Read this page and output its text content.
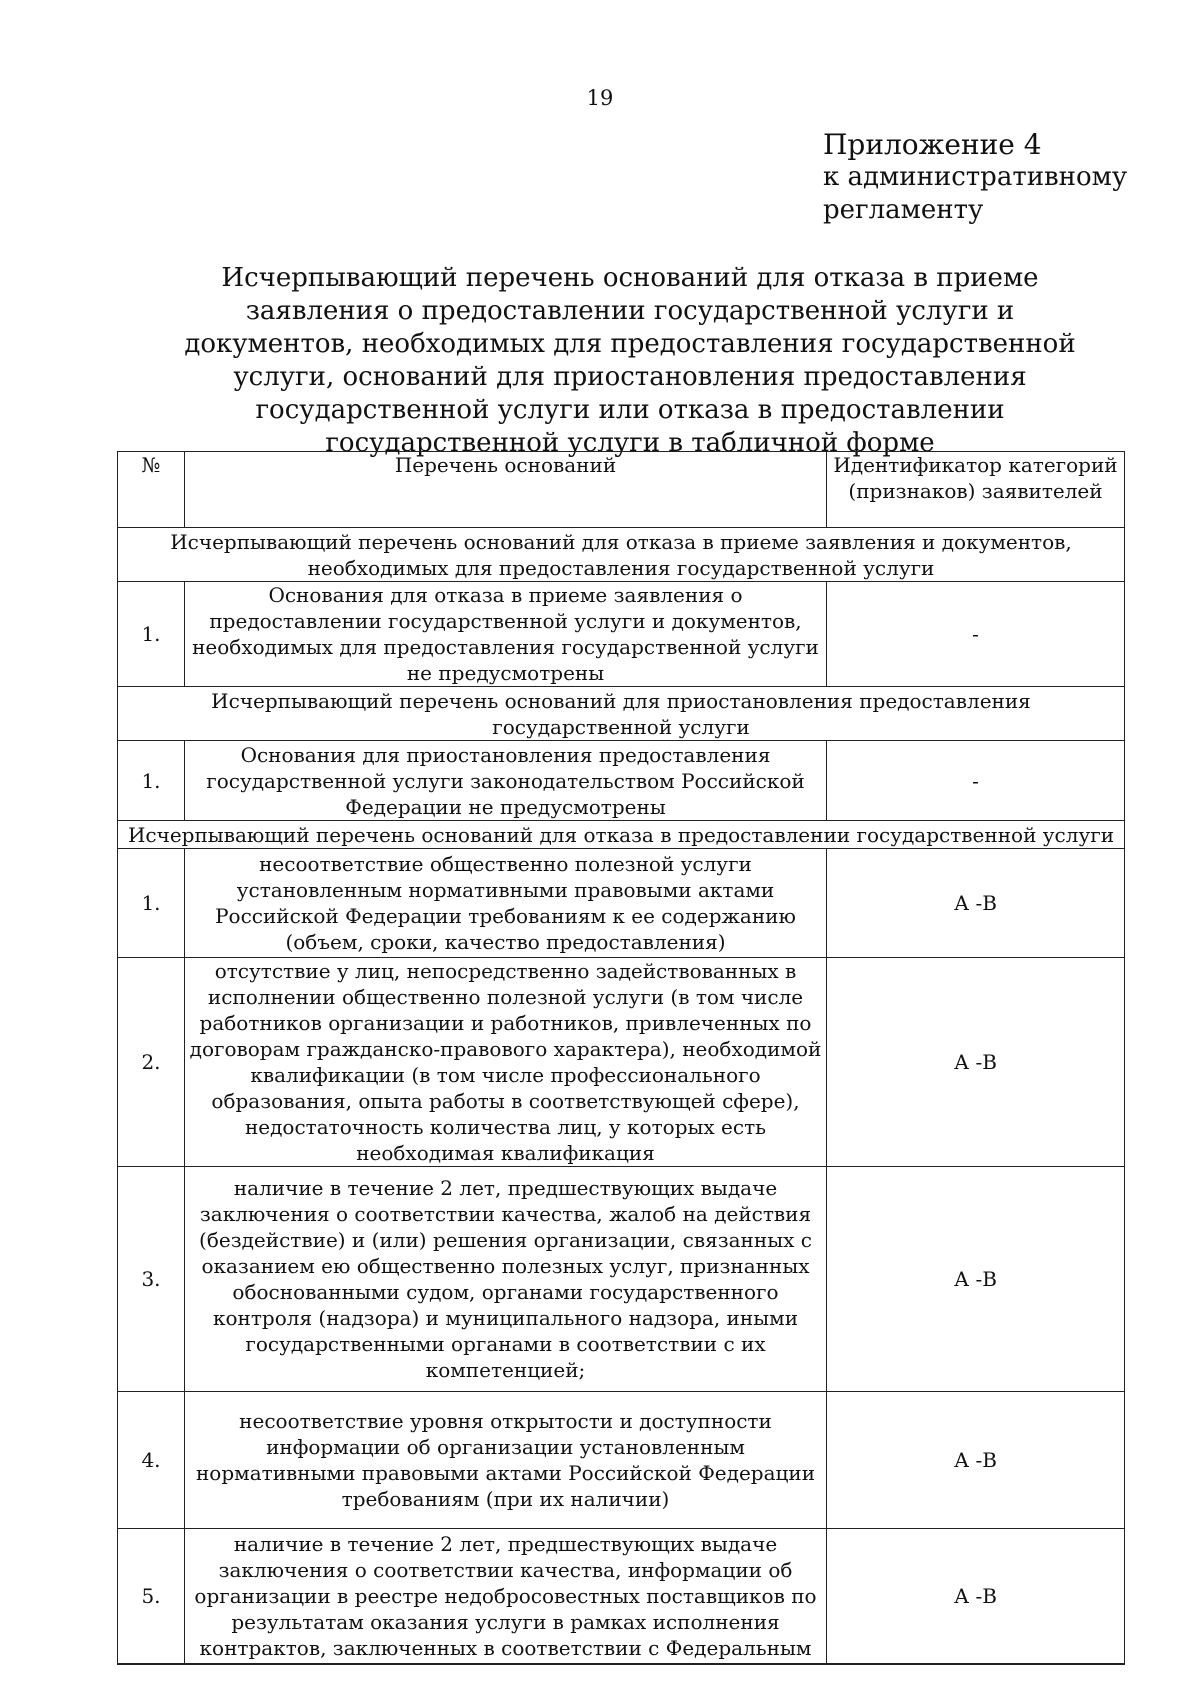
19
Приложение 4
к административному
регламенту
Исчерпывающий перечень оснований для отказа в приеме заявления о предоставлении государственной услуги и документов, необходимых для предоставления государственной услуги, оснований для приостановления предоставления государственной услуги или отказа в предоставлении государственной услуги в табличной форме
№	Перечень оснований	Идентификатор категорий (признаков) заявителей
Исчерпывающий перечень оснований для отказа в приеме заявления и документов, необходимых для предоставления государственной услуги		
1.	Основания для отказа в приеме заявления о предоставлении государственной услуги и документов, необходимых для предоставления государственной услуги не предусмотрены	-
Исчерпывающий перечень оснований для приостановления предоставления государственной услуги		
1.	Основания для приостановления предоставления государственной услуги законодательством Российской Федерации не предусмотрены	-
Исчерпывающий перечень оснований для отказа в предоставлении государственной услуги		
1.	несоответствие общественно полезной услуги установленным нормативными правовыми актами Российской Федерации требованиям к ее содержанию (объем, сроки, качество предоставления)	А -В
2.	отсутствие у лиц, непосредственно задействованных в исполнении общественно полезной услуги (в том числе работников организации и работников, привлеченных по договорам гражданско-правового характера), необходимой квалификации (в том числе профессионального образования, опыта работы в соответствующей сфере), недостаточность количества лиц, у которых есть необходимая квалификация	А -В
3.	наличие в течение 2 лет, предшествующих выдаче заключения о соответствии качества, жалоб на действия (бездействие) и (или) решения организации, связанных с оказанием ею общественно полезных услуг, признанных обоснованными судом, органами государственного контроля (надзора) и муниципального надзора, иными государственными органами в соответствии с их компетенцией;	А -В
4.	несоответствие уровня открытости и доступности информации об организации установленным нормативными правовыми актами Российской Федерации требованиям (при их наличии)	А -В
5.	наличие в течение 2 лет, предшествующих выдаче заключения о соответствии качества, информации об организации в реестре недобросовестных поставщиков по результатам оказания услуги в рамках исполнения контрактов, заключенных в соответствии с Федеральным	А -В
